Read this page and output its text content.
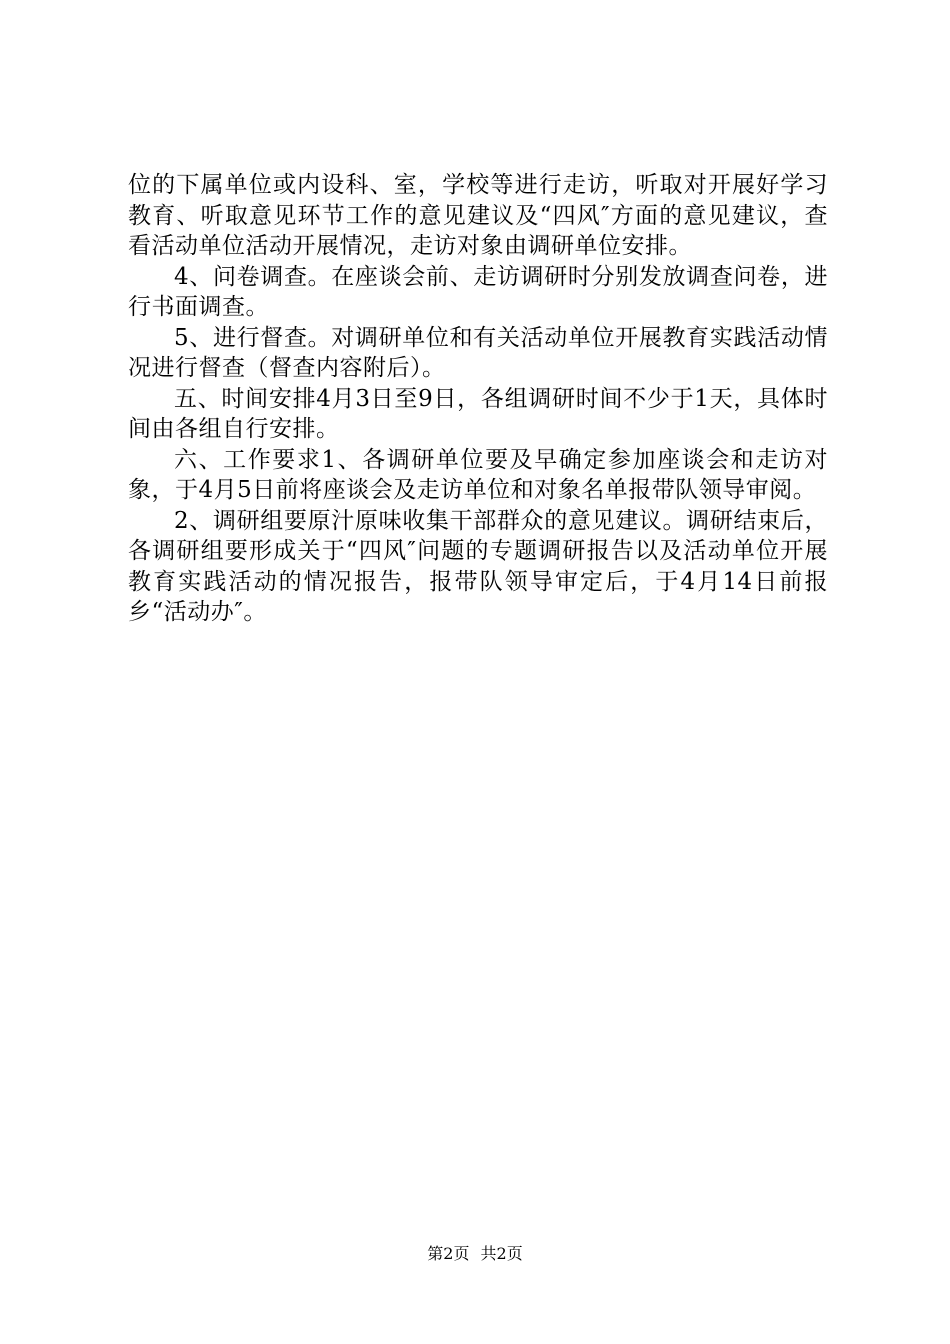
位的下属单位或内设科、室，学校等进行走访，听取对开展好学习教育、听取意见环节工作的意见建议及“四风″方面的意见建议，查看活动单位活动开展情况，走访对象由调研单位安排。

4、问卷调查。在座谈会前、走访调研时分别发放调查问卷，进行书面调查。

5、进行督查。对调研单位和有关活动单位开展教育实践活动情况进行督查（督查内容附后）。

五、时间安排4月3日至9日，各组调研时间不少于1天，具体时间由各组自行安排。

六、工作要求1、各调研单位要及早确定参加座谈会和走访对象，于4月5日前将座谈会及走访单位和对象名单报带队领导审阅。

2、调研组要原汁原味收集干部群众的意见建议。调研结束后，各调研组要形成关于“四风″问题的专题调研报告以及活动单位开展教育实践活动的情况报告，报带队领导审定后，于4月14日前报乡“活动办″。

第2页 共2页
